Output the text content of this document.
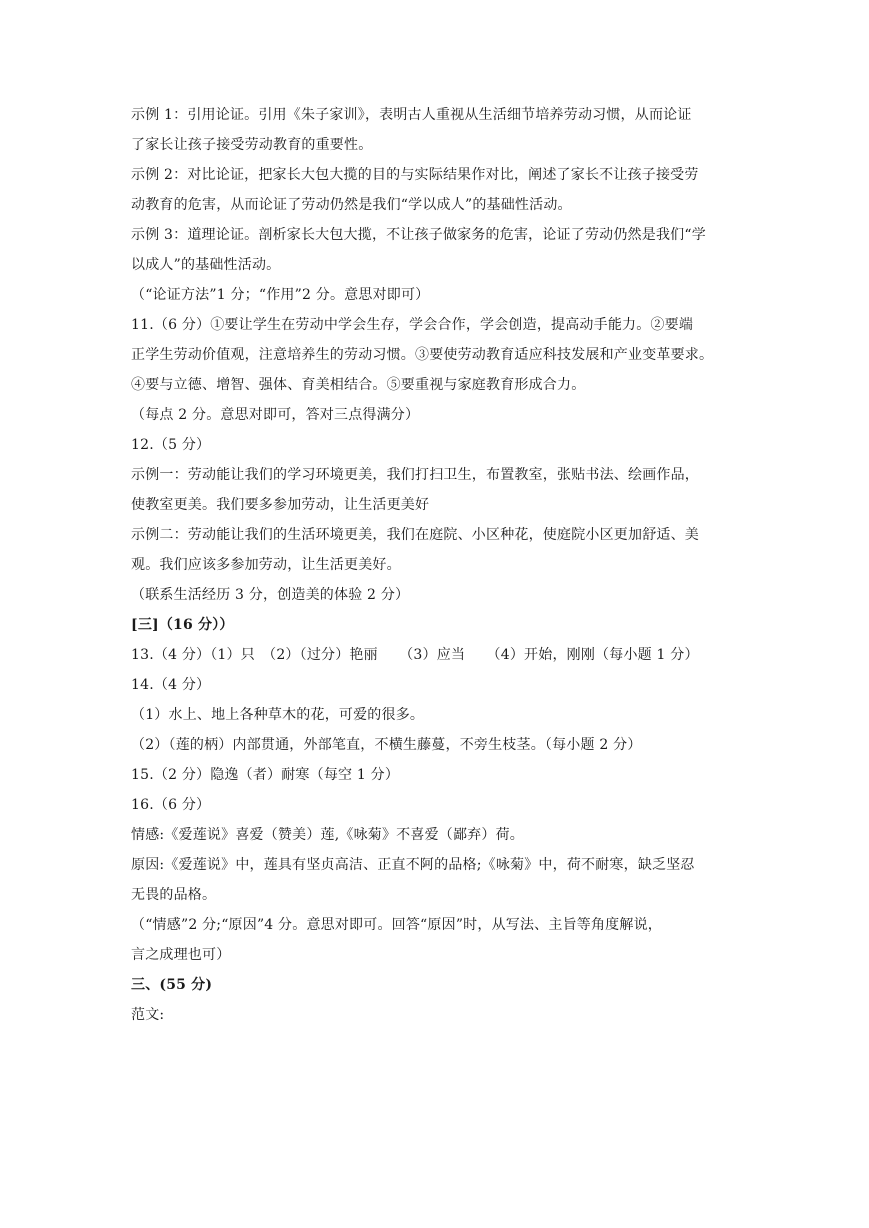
示例 1：引用论证。引用《朱子家训》，表明古人重视从生活细节培养劳动习惯，从而论证
了家长让孩子接受劳动教育的重要性。
示例 2：对比论证，把家长大包大揽的目的与实际结果作对比，阐述了家长不让孩子接受劳
动教育的危害，从而论证了劳动仍然是我们“学以成人”的基础性活动。
示例 3：道理论证。剖析家长大包大揽，不让孩子做家务的危害，论证了劳动仍然是我们“学
以成人”的基础性活动。
（“论证方法”1 分；“作用”2 分。意思对即可）
11.（6 分）①要让学生在劳动中学会生存，学会合作，学会创造，提高动手能力。②要端
正学生劳动价值观，注意培养生的劳动习惯。③要使劳动教育适应科技发展和产业变革要求。
④要与立德、增智、强体、育美相结合。⑤要重视与家庭教育形成合力。
（每点 2 分。意思对即可，答对三点得满分）
12.（5 分）
示例一：劳动能让我们的学习环境更美，我们打扫卫生，布置教室，张贴书法、绘画作品，
使教室更美。我们要多参加劳动，让生活更美好
示例二：劳动能让我们的生活环境更美，我们在庭院、小区种花，使庭院小区更加舒适、美
观。我们应该多参加劳动，让生活更美好。
（联系生活经历 3 分，创造美的体验 2 分）
[三]（16 分））
13.（4 分）（1）只　（2）（过分）艳丽　　（3）应当　　（4）开始，刚刚（每小题 1 分）
14.（4 分）
（1）水上、地上各种草木的花，可爱的很多。
（2）（莲的柄）内部贯通，外部笔直，不横生藤蔓，不旁生枝茎。（每小题 2 分）
15.（2 分）隐逸（者）耐寒（每空 1 分）
16.（6 分）
情感:《爱莲说》喜爱（赞美）莲,《咏菊》不喜爱（鄙弃）荷。
原因:《爱莲说》中，莲具有坚贞高洁、正直不阿的品格;《咏菊》中，荷不耐寒，缺乏坚忍
无畏的品格。
（“情感”2 分;“原因”4 分。意思对即可。回答“原因”时，从写法、主旨等角度解说，
言之成理也可）
三、(55 分)
范文:
